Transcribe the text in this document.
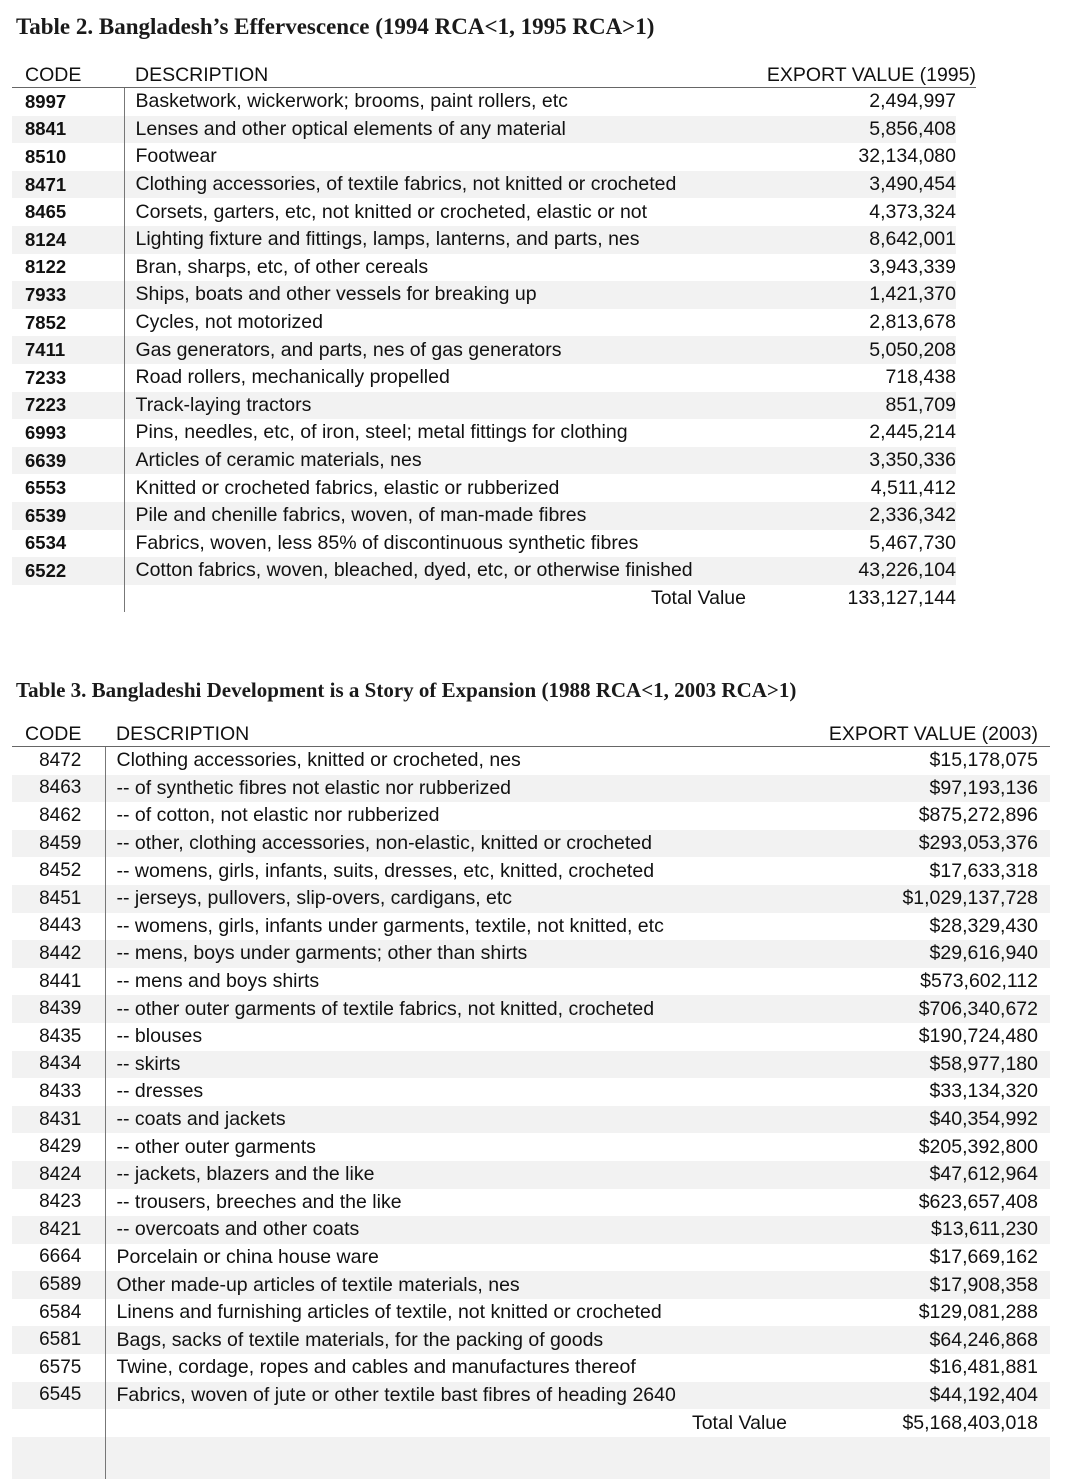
Table 2. Bangladesh’s Effervescence (1994 RCA<1, 1995 RCA>1)
CODE	DESCRIPTION	EXPORT VALUE (1995)	
8997	Basketwork, wickerwork; brooms, paint rollers, etc	2,494,997	
8841	Lenses and other optical elements of any material	5,856,408	
8510	Footwear	32,134,080	
8471	Clothing accessories, of textile fabrics, not knitted or crocheted	3,490,454	
8465	Corsets, garters, etc, not knitted or crocheted, elastic or not	4,373,324	
8124	Lighting fixture and fittings, lamps, lanterns, and parts, nes	8,642,001	
8122	Bran, sharps, etc, of other cereals	3,943,339	
7933	Ships, boats and other vessels for breaking up	1,421,370	
7852	Cycles, not motorized	2,813,678	
7411	Gas generators, and parts, nes of gas generators	5,050,208	
7233	Road rollers, mechanically propelled	718,438	
7223	Track-laying tractors	851,709	
6993	Pins, needles, etc, of iron, steel; metal fittings for clothing	2,445,214	
6639	Articles of ceramic materials, nes	3,350,336	
6553	Knitted or crocheted fabrics, elastic or rubberized	4,511,412	
6539	Pile and chenille fabrics, woven, of man-made fibres	2,336,342	
6534	Fabrics, woven, less 85% of discontinuous synthetic fibres	5,467,730	
6522	Cotton fabrics, woven, bleached, dyed, etc, or otherwise finished	43,226,104	
	Total Value	133,127,144	
Table 3. Bangladeshi Development is a Story of Expansion (1988 RCA<1, 2003 RCA>1)
CODE	DESCRIPTION	EXPORT VALUE (2003)
8472	Clothing accessories, knitted or crocheted, nes	$15,178,075
8463	-- of synthetic fibres not elastic nor rubberized	$97,193,136
8462	-- of cotton, not elastic nor rubberized	$875,272,896
8459	-- other, clothing accessories, non-elastic, knitted or crocheted	$293,053,376
8452	-- womens, girls, infants, suits, dresses, etc, knitted, crocheted	$17,633,318
8451	-- jerseys, pullovers, slip-overs, cardigans, etc	$1,029,137,728
8443	-- womens, girls, infants under garments, textile, not knitted, etc	$28,329,430
8442	-- mens, boys under garments; other than shirts	$29,616,940
8441	-- mens and boys shirts	$573,602,112
8439	-- other outer garments of textile fabrics, not knitted, crocheted	$706,340,672
8435	-- blouses	$190,724,480
8434	-- skirts	$58,977,180
8433	-- dresses	$33,134,320
8431	-- coats and jackets	$40,354,992
8429	-- other outer garments	$205,392,800
8424	-- jackets, blazers and the like	$47,612,964
8423	-- trousers, breeches and the like	$623,657,408
8421	-- overcoats and other coats	$13,611,230
6664	Porcelain or china house ware	$17,669,162
6589	Other made-up articles of textile materials, nes	$17,908,358
6584	Linens and furnishing articles of textile, not knitted or crocheted	$129,081,288
6581	Bags, sacks of textile materials, for the packing of goods	$64,246,868
6575	Twine, cordage, ropes and cables and manufactures thereof	$16,481,881
6545	Fabrics, woven of jute or other textile bast fibres of heading 2640	$44,192,404
	Total Value	$5,168,403,018
